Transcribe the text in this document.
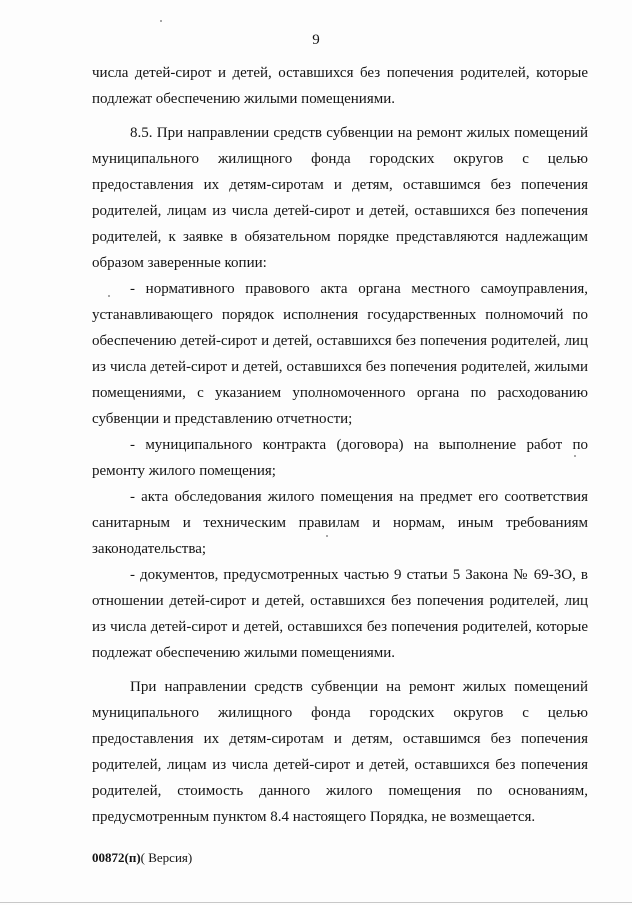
9

числа детей-сирот и детей, оставшихся без попечения родителей, которые подлежат обеспечению жилыми помещениями.

8.5. При направлении средств субвенции на ремонт жилых помещений муниципального жилищного фонда городских округов с целью предоставления их детям-сиротам и детям, оставшимся без попечения родителей, лицам из числа детей-сирот и детей, оставшихся без попечения родителей, к заявке в обязательном порядке представляются надлежащим образом заверенные копии:

- нормативного правового акта органа местного самоуправления, устанавливающего порядок исполнения государственных полномочий по обеспечению детей-сирот и детей, оставшихся без попечения родителей, лиц из числа детей-сирот и детей, оставшихся без попечения родителей, жилыми помещениями, с указанием уполномоченного органа по расходованию субвенции и представлению отчетности;

- муниципального контракта (договора) на выполнение работ по ремонту жилого помещения;

- акта обследования жилого помещения на предмет его соответствия санитарным и техническим правилам и нормам, иным требованиям законодательства;

- документов, предусмотренных частью 9 статьи 5 Закона № 69-ЗО, в отношении детей-сирот и детей, оставшихся без попечения родителей, лиц из числа детей-сирот и детей, оставшихся без попечения родителей, которые подлежат обеспечению жилыми помещениями.

При направлении средств субвенции на ремонт жилых помещений муниципального жилищного фонда городских округов с целью предоставления их детям-сиротам и детям, оставшимся без попечения родителей, лицам из числа детей-сирот и детей, оставшихся без попечения родителей, стоимость данного жилого помещения по основаниям, предусмотренным пунктом 8.4 настоящего Порядка, не возмещается.

00872(п)( Версия)
